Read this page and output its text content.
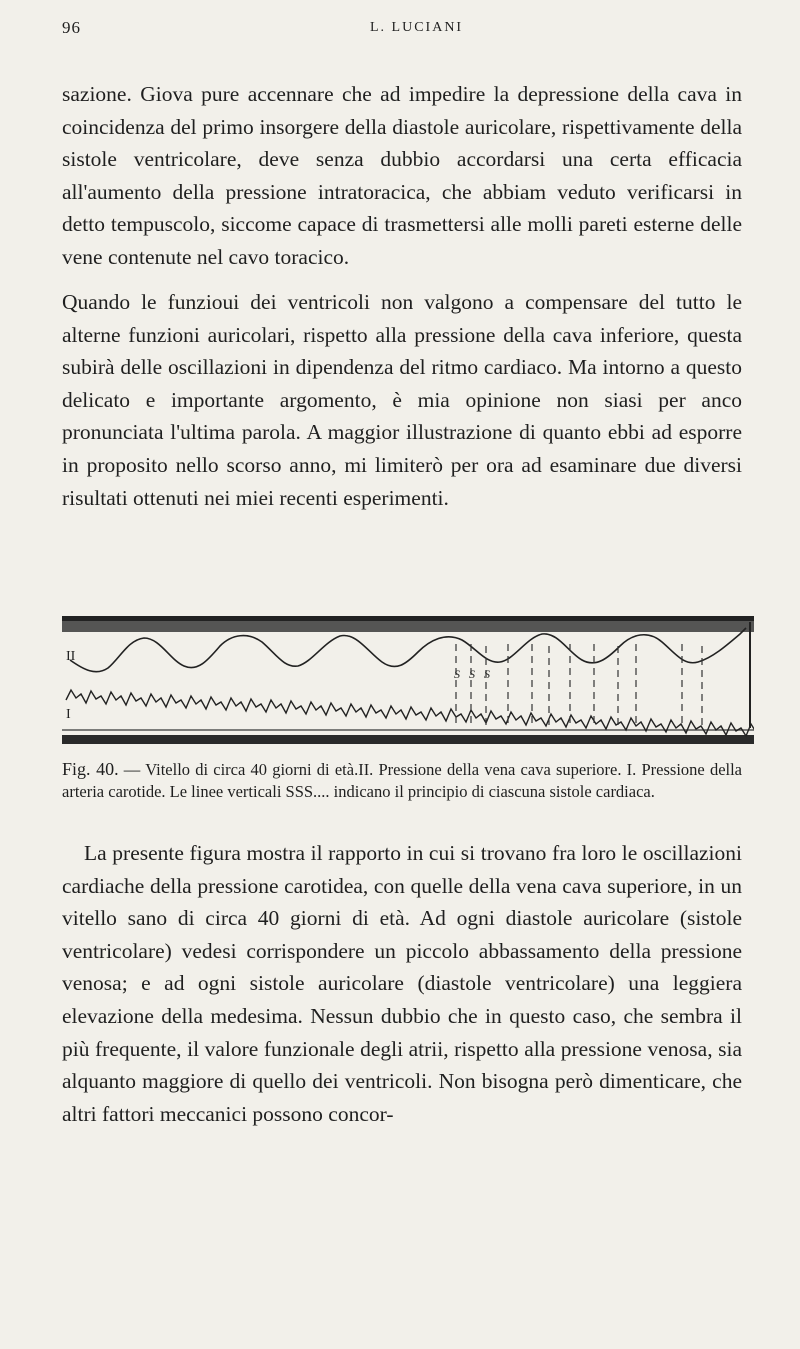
96	L. LUCIANI

sazione. Giova pure accennare che ad impedire la depressione della cava in coincidenza del primo insorgere della diastole auricolare, rispettivamente della sistole ventricolare, deve senza dubbio accordarsi una certa efficacia all'aumento della pressione intratoracica, che abbiam veduto verificarsi in detto tempuscolo, siccome capace di trasmettersi alle molli pareti esterne delle vene contenute nel cavo toracico.

Quando le funzioui dei ventricoli non valgono a compensare del tutto le alterne funzioni auricolari, rispetto alla pressione della cava inferiore, questa subirà delle oscillazioni in dipendenza del ritmo cardiaco. Ma intorno a questo delicato e importante argomento, è mia opinione non siasi per anco pronunciata l'ultima parola. A maggior illustrazione di quanto ebbi ad esporre in proposito nello scorso anno, mi limiterò per ora ad esaminare due diversi risultati ottenuti nei miei recenti esperimenti.

II
I
S S S
Fig. 40. — Vitello di circa 40 giorni di età.II. Pressione della vena cava superiore. I. Pressione della arteria carotide. Le linee verticali SSS.... indicano il principio di ciascuna sistole cardiaca.

La presente figura mostra il rapporto in cui si trovano fra loro le oscillazioni cardiache della pressione carotidea, con quelle della vena cava superiore, in un vitello sano di circa 40 giorni di età. Ad ogni diastole auricolare (sistole ventricolare) vedesi corrispondere un piccolo abbassamento della pressione venosa; e ad ogni sistole auricolare (diastole ventricolare) una leggiera elevazione della medesima. Nessun dubbio che in questo caso, che sembra il più frequente, il valore funzionale degli atrii, rispetto alla pressione venosa, sia alquanto maggiore di quello dei ventricoli. Non bisogna però dimenticare, che altri fattori meccanici possono concor-
